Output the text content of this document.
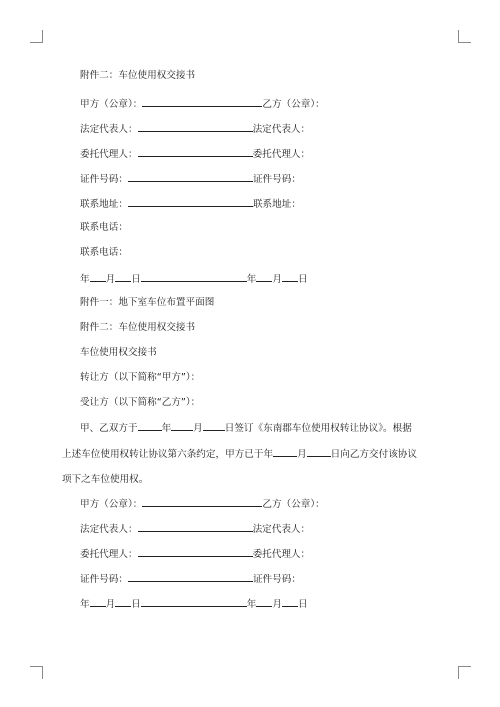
附件二：车位使用权交接书
甲方（公章）：	乙方（公章）：
法定代表人：	法定代表人：
委托代理人：	委托代理人：
证件号码：	证件号码：
联系地址：	联系地址：
联系电话：
联系电话：
年 月 日	年 月 日
附件一：地下室车位布置平面图
附件二：车位使用权交接书
车位使用权交接书
转让方（以下简称“甲方”）：
受让方（以下简称“乙方”）：
甲、乙双方于	年 月 日签订《东南郡车位使用权转让协议》。根据
上述车位使用权转让协议第六条约定，甲方已于年	月	日向乙方交付该协议
项下之车位使用权。
甲方（公章）：	乙方（公章）：
法定代表人：	法定代表人：
委托代理人：	委托代理人：
证件号码：	证件号码：
年 月 日	年 月 日
